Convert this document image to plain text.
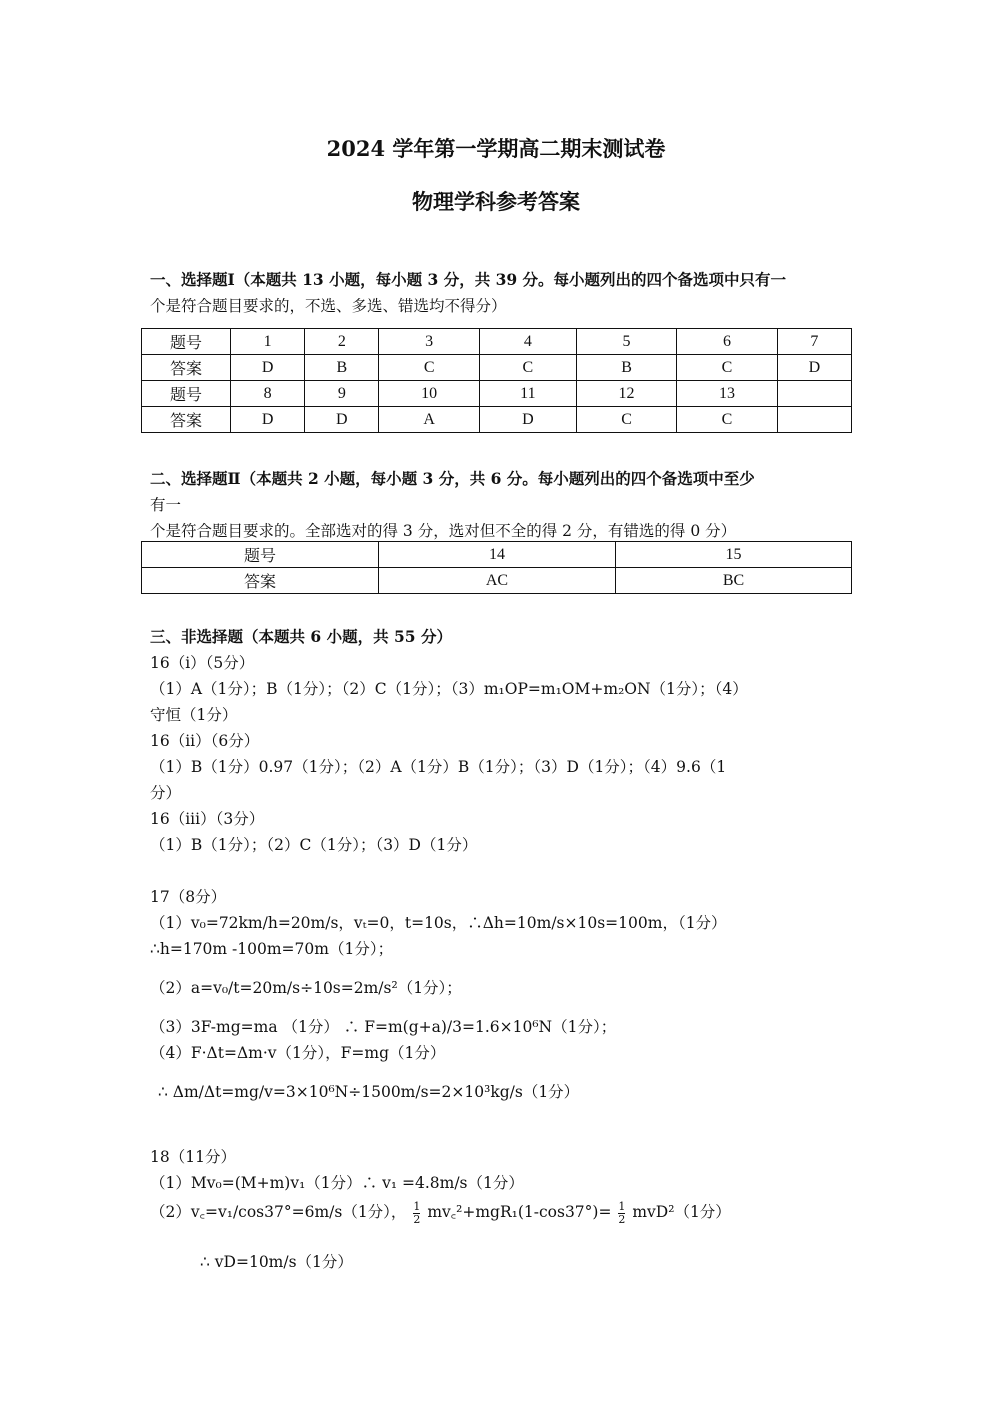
2024 学年第一学期高二期末测试卷
物理学科参考答案
一、选择题Ⅰ（本题共 13 小题，每小题 3 分，共 39 分。每小题列出的四个备选项中只有一
个是符合题目要求的，不选、多选、错选均不得分）
题号	1	2	3	4	5	6	7
答案	D	B	C	C	B	C	D
题号	8	9	10	11	12	13	
答案	D	D	A	D	C	C	
二、选择题Ⅱ（本题共 2 小题，每小题 3 分，共 6 分。每小题列出的四个备选项中至少
有一
个是符合题目要求的。全部选对的得 3 分，选对但不全的得 2 分，有错选的得 0 分）
题号	14	15
答案	AC	BC
三、非选择题（本题共 6 小题，共 55 分）
16（i）（5分）
（1）A（1分）；B（1分）；（2）C（1分）；（3）m₁OP=m₁OM+m₂ON（1分）；（4）
守恒（1分）
16（ii）（6分）
（1）B（1分）0.97（1分）；（2）A（1分）B（1分）；（3）D（1分）；（4）9.6（1
分）
16（iii）（3分）
（1）B（1分）；（2）C（1分）；（3）D（1分）
17（8分）
（1）v₀=72km/h=20m/s，vₜ=0，t=10s，∴Δh=10m/s×10s=100m，（1分）
∴h=170m -100m=70m（1分）；
（2）a=v₀/t=20m/s÷10s=2m/s²（1分）；
（3）3F-mg=ma （1分） ∴ F=m(g+a)/3=1.6×10⁶N（1分）；
（4）F·Δt=Δm·v（1分），F=mg（1分）
∴ Δm/Δt=mg/v=3×10⁶N÷1500m/s=2×10³kg/s（1分）
18（11分）
（1）Mv₀=(M+m)v₁（1分）∴ v₁ =4.8m/s（1分）
（2）v꜀=v₁/cos37°=6m/s（1分）， $\frac{1}{2}$ mv꜀²+mgR₁(1-cos37°)= $\frac{1}{2} mvD^2(1$分）
∴ vD=10m/s（1分）
